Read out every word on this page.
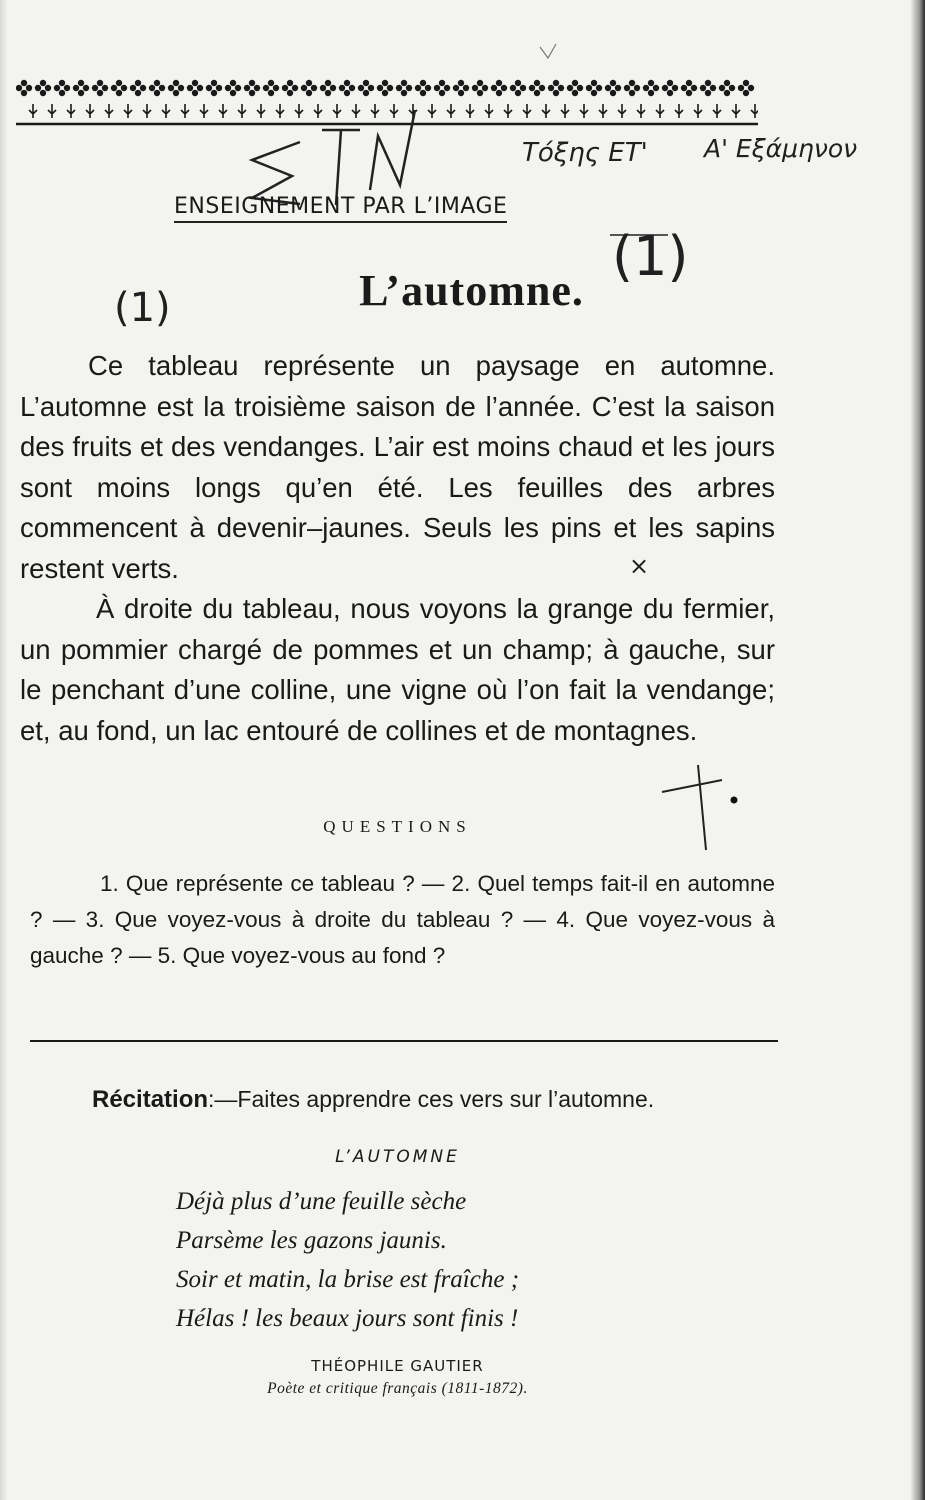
Τόξης ΕΤ' Α' Εξάμηνον
×
ENSEIGNEMENT PAR L’IMAGE
(1)
(1)
L’automne.
Ce tableau représente un paysage en automne. L’automne est la troisième saison de l’année. C’est la saison des fruits et des vendanges. L’air est moins chaud et les jours sont moins longs qu’en été. Les feuilles des arbres commencent à devenir–jaunes. Seuls les pins et les sapins restent verts.
À droite du tableau, nous voyons la grange du fermier, un pommier chargé de pommes et un champ; à gauche, sur le penchant d’une colline, une vigne où l’on fait la vendange; et, au fond, un lac entouré de collines et de montagnes.
QUESTIONS
1. Que représente ce tableau ? — 2. Quel temps fait-il en automne ? — 3. Que voyez-vous à droite du tableau ? — 4. Que voyez-vous à gauche ? — 5. Que voyez-vous au fond ?
Récitation:—Faites apprendre ces vers sur l’automne.
L’AUTOMNE
Déjà plus d’une feuille sèche
Parsème les gazons jaunis.
Soir et matin, la brise est fraîche ;
Hélas ! les beaux jours sont finis !
THÉOPHILE GAUTIER
Poète et critique français (1811-1872).
